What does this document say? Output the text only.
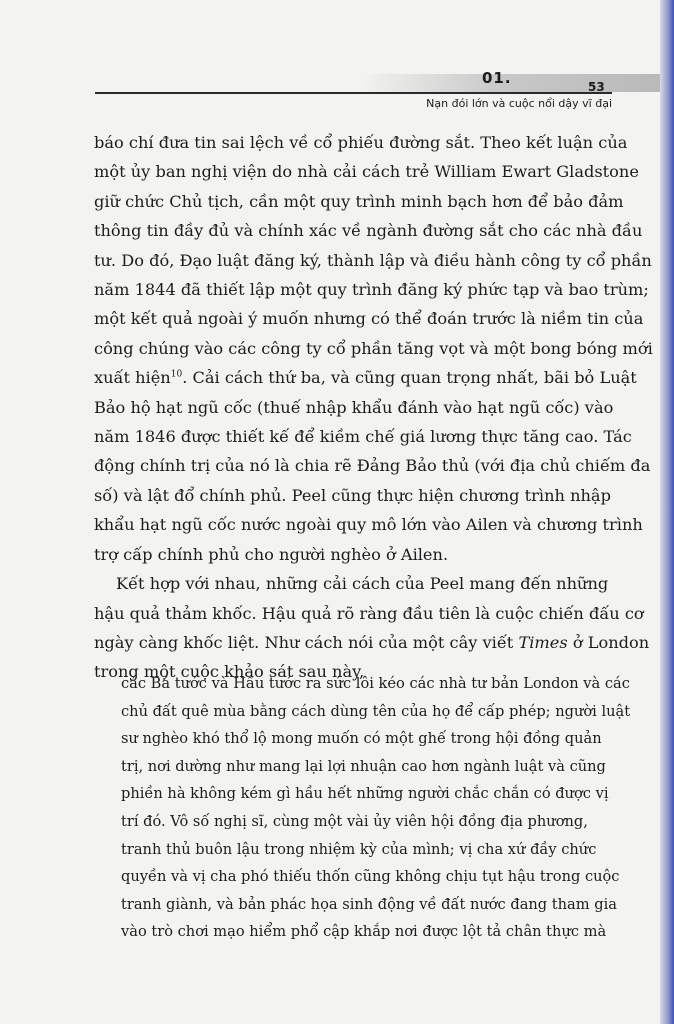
01.	53
Nạn đói lớn và cuộc nổi dậy vĩ đại
báo chí đưa tin sai lệch về cổ phiếu đường sắt. Theo kết luận của
một ủy ban nghị viện do nhà cải cách trẻ William Ewart Gladstone
giữ chức Chủ tịch, cần một quy trình minh bạch hơn để bảo đảm
thông tin đầy đủ và chính xác về ngành đường sắt cho các nhà đầu
tư. Do đó, Đạo luật đăng ký, thành lập và điều hành công ty cổ phần
năm 1844 đã thiết lập một quy trình đăng ký phức tạp và bao trùm;
một kết quả ngoài ý muốn nhưng có thể đoán trước là niềm tin của
công chúng vào các công ty cổ phần tăng vọt và một bong bóng mới
xuất hiện$^{10}$. Cải cách thứ ba, và cũng quan trọng nhất, bãi bỏ Luật
Bảo hộ hạt ngũ cốc (thuế nhập khẩu đánh vào hạt ngũ cốc) vào
năm 1846 được thiết kế để kiềm chế giá lương thực tăng cao. Tác
động chính trị của nó là chia rẽ Đảng Bảo thủ (với địa chủ chiếm đa
số) và lật đổ chính phủ. Peel cũng thực hiện chương trình nhập
khẩu hạt ngũ cốc nước ngoài quy mô lớn vào Ailen và chương trình
trợ cấp chính phủ cho người nghèo ở Ailen.
Kết hợp với nhau, những cải cách của Peel mang đến những
hậu quả thảm khốc. Hậu quả rõ ràng đầu tiên là cuộc chiến đấu cơ
ngày càng khốc liệt. Như cách nói của một cây viết Times ở London
trong một cuộc khảo sát sau này,
các Bá tước và Hầu tước ra sức lôi kéo các nhà tư bản London và các
chủ đất quê mùa bằng cách dùng tên của họ để cấp phép; người luật
sư nghèo khó thổ lộ mong muốn có một ghế trong hội đồng quản
trị, nơi dường như mang lại lợi nhuận cao hơn ngành luật và cũng
phiền hà không kém gì hầu hết những người chắc chắn có được vị
trí đó. Vô số nghị sĩ, cùng một vài ủy viên hội đồng địa phương,
tranh thủ buôn lậu trong nhiệm kỳ của mình; vị cha xứ đầy chức
quyền và vị cha phó thiếu thốn cũng không chịu tụt hậu trong cuộc
tranh giành, và bản phác họa sinh động về đất nước đang tham gia
vào trò chơi mạo hiểm phổ cập khắp nơi được lột tả chân thực mà
